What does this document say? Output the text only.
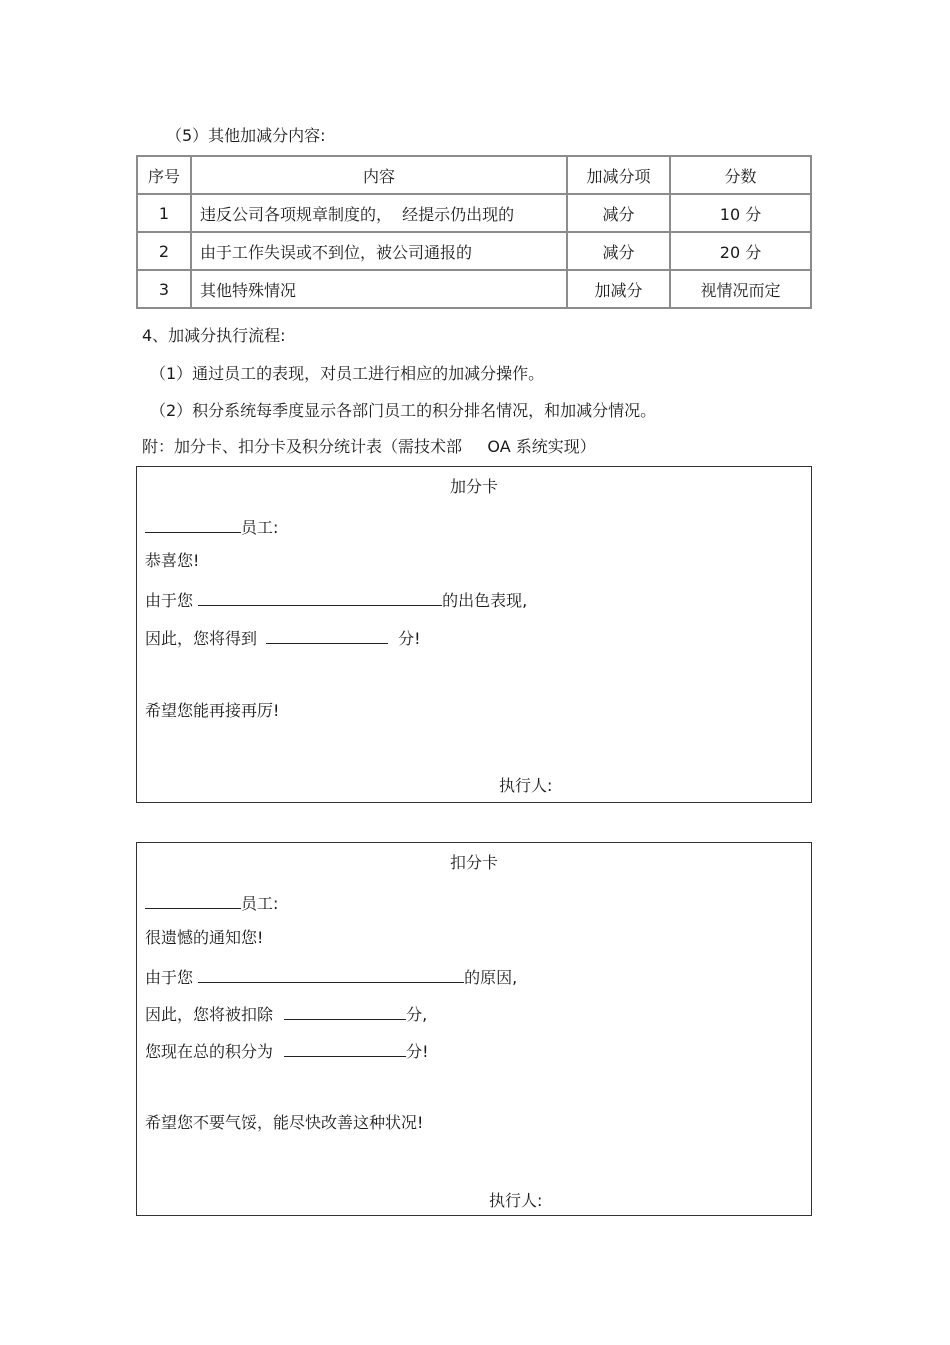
（5）其他加减分内容:
序号	内容	加减分项	分数
1	违反公司各项规章制度的，  经提示仍出现的	减分	10 分
2	由于工作失误或不到位，被公司通报的	减分	20 分
3	其他特殊情况	加减分	视情况而定
4、加减分执行流程:
（1）通过员工的表现，对员工进行相应的加减分操作。
（2）积分系统每季度显示各部门员工的积分排名情况，和加减分情况。
附：加分卡、扣分卡及积分统计表（需技术部     OA 系统实现）
加分卡
员工:
恭喜您!
由于您	的出色表现,
因此，您将得到	分!
希望您能再接再厉!
执行人:
扣分卡
员工:
很遗憾的通知您!
由于您	的原因,
因此，您将被扣除	分,
您现在总的积分为	分!
希望您不要气馁，能尽快改善这种状况!
执行人:
